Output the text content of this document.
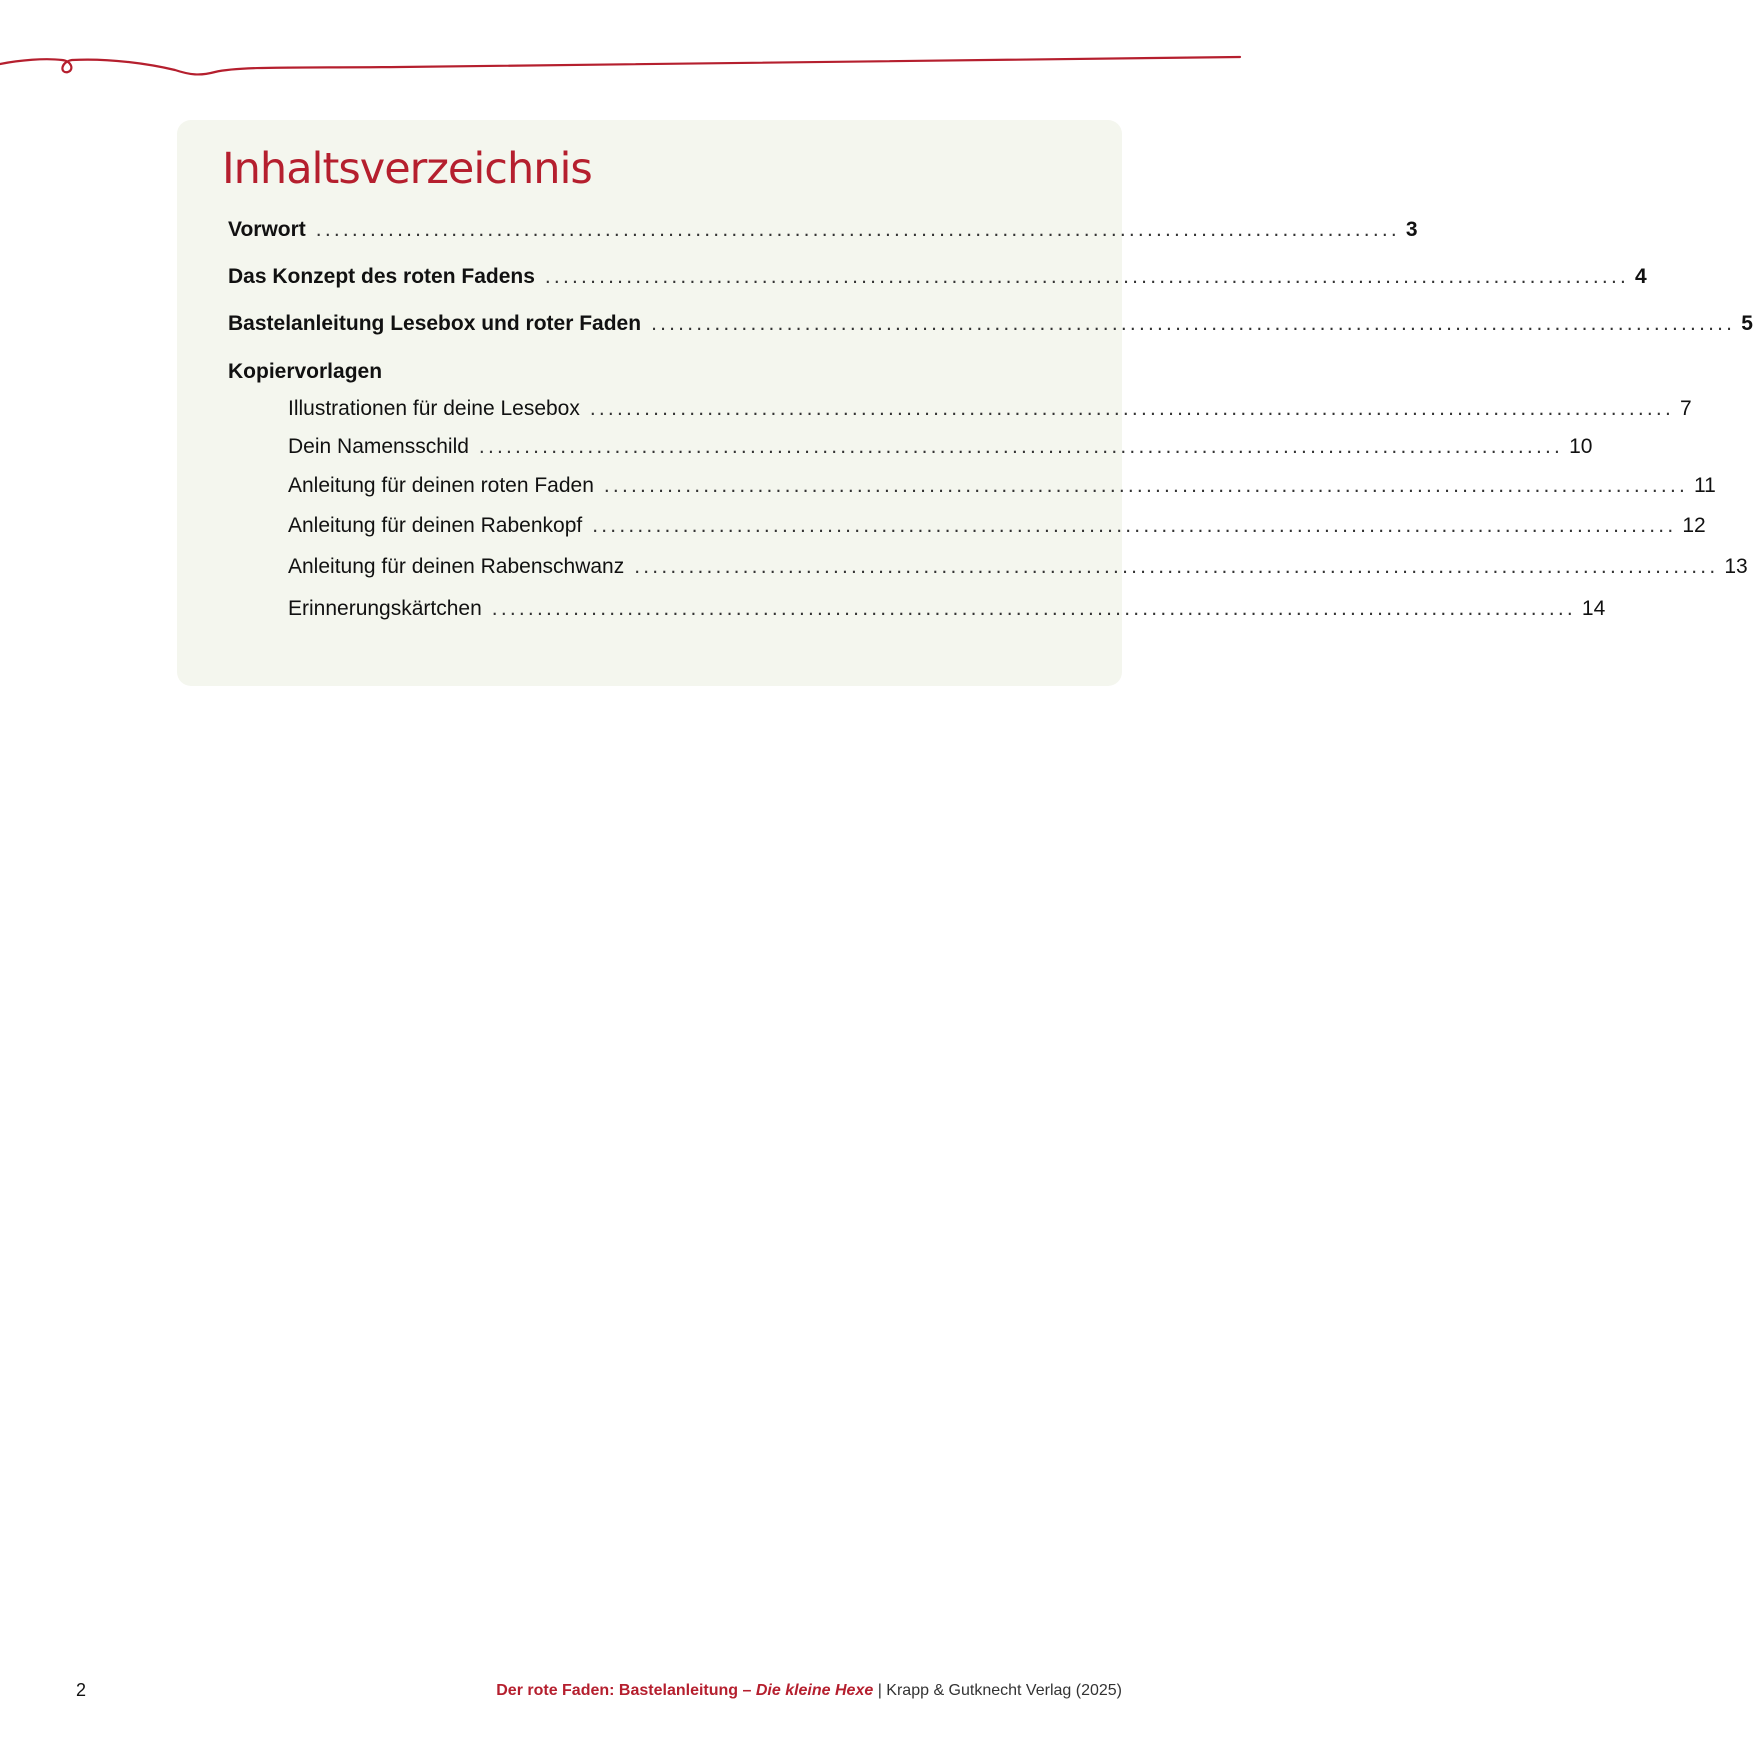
Inhaltsverzeichnis
Vorwort ........................................................................................................................ 3
Das Konzept des roten Fadens ........................................................................................................................ 4
Bastelanleitung Lesebox und roter Faden ........................................................................................................................ 5
Kopiervorlagen
Illustrationen für deine Lesebox ........................................................................................................................ 7
Dein Namensschild ........................................................................................................................ 10
Anleitung für deinen roten Faden ........................................................................................................................ 11
Anleitung für deinen Rabenkopf ........................................................................................................................ 12
Anleitung für deinen Rabenschwanz ........................................................................................................................ 13
Erinnerungskärtchen ........................................................................................................................ 14
2	Der rote Faden: Bastelanleitung – Die kleine Hexe | Krapp & Gutknecht Verlag (2025)
